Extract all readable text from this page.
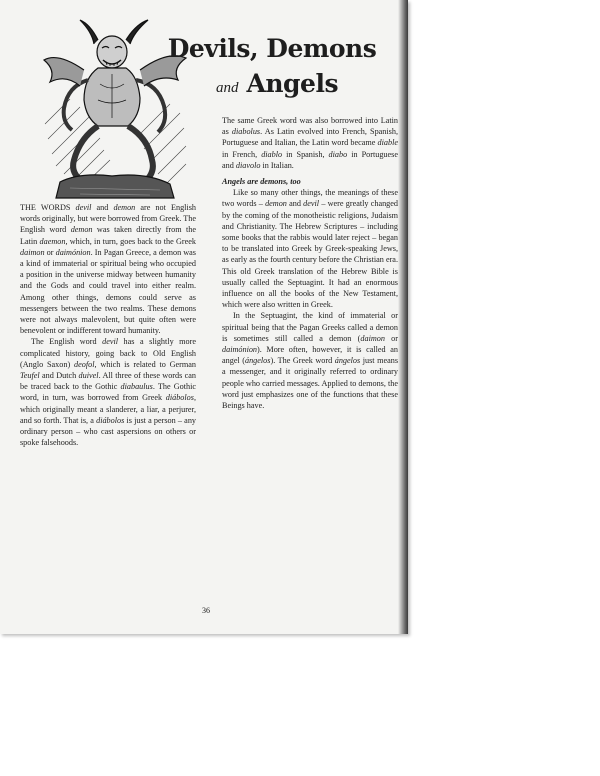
Devils, Demons
and Angels

THE WORDS devil and demon are not English words originally, but were borrowed from Greek. The English word demon was taken directly from the Latin daemon, which, in turn, goes back to the Greek daimon or daimónion. In Pagan Greece, a demon was a kind of immaterial or spiritual being who occupied a position in the universe midway between humanity and the Gods and could travel into either realm. Among other things, demons could serve as messengers between the two realms. These demons were not always malevolent, but quite often were benevolent or indifferent toward humanity.

The English word devil has a slightly more complicated history, going back to Old English (Anglo Saxon) deofol, which is related to German Teufel and Dutch duivel. All three of these words can be traced back to the Gothic diabaulus. The Gothic word, in turn, was borrowed from Greek diábolos, which originally meant a slanderer, a liar, a perjurer, and so forth. That is, a diábolos is just a person – any ordinary person – who cast aspersions on others or spoke falsehoods.

The same Greek word was also borrowed into Latin as diabolus. As Latin evolved into French, Spanish, Portuguese and Italian, the Latin word became diable in French, diablo in Spanish, diabo in Portuguese and diavolo in Italian.

Angels are demons, too

Like so many other things, the meanings of these two words – demon and devil – were greatly changed by the coming of the monotheistic religions, Judaism and Christianity. The Hebrew Scriptures – including some books that the rabbis would later reject – began to be translated into Greek by Greek-speaking Jews, as early as the fourth century before the Christian era. This old Greek translation of the Hebrew Bible is usually called the Septuagint. It had an enormous influence on all the books of the New Testament, which were also written in Greek.

In the Septuagint, the kind of immaterial or spiritual being that the Pagan Greeks called a demon is sometimes still called a demon (daimon or daimónion). More often, however, it is called an angel (ángelos). The Greek word ángelos just means a messenger, and it originally referred to ordinary people who carried messages. Applied to demons, the word just emphasizes one of the functions that these Beings have.

36
